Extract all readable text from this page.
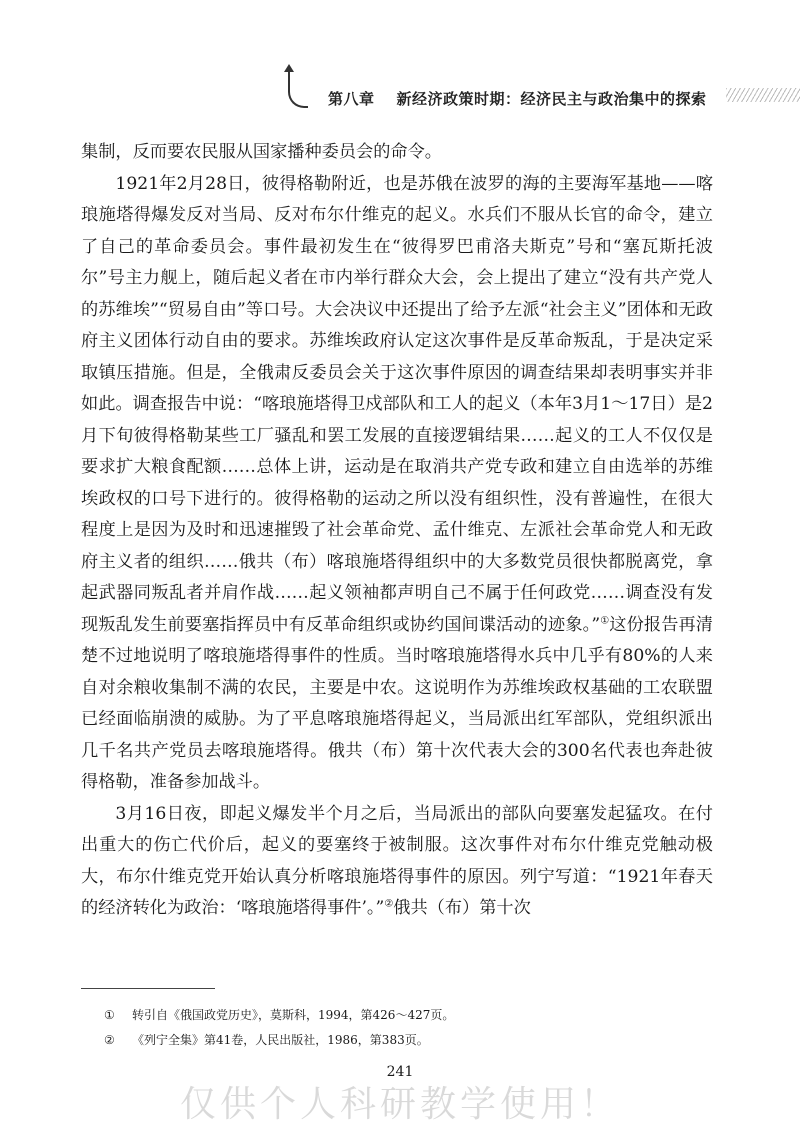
第八章 新经济政策时期：经济民主与政治集中的探索

集制，反而要农民服从国家播种委员会的命令。

1921年2月28日，彼得格勒附近，也是苏俄在波罗的海的主要海军基地——喀琅施塔得爆发反对当局、反对布尔什维克的起义。水兵们不服从长官的命令，建立了自己的革命委员会。事件最初发生在“彼得罗巴甫洛夫斯克”号和“塞瓦斯托波尔”号主力舰上，随后起义者在市内举行群众大会，会上提出了建立“没有共产党人的苏维埃”“贸易自由”等口号。大会决议中还提出了给予左派“社会主义”团体和无政府主义团体行动自由的要求。苏维埃政府认定这次事件是反革命叛乱，于是决定采取镇压措施。但是，全俄肃反委员会关于这次事件原因的调查结果却表明事实并非如此。调查报告中说：“喀琅施塔得卫戍部队和工人的起义（本年3月1～17日）是2月下旬彼得格勒某些工厂骚乱和罢工发展的直接逻辑结果……起义的工人不仅仅是要求扩大粮食配额……总体上讲，运动是在取消共产党专政和建立自由选举的苏维埃政权的口号下进行的。彼得格勒的运动之所以没有组织性，没有普遍性，在很大程度上是因为及时和迅速摧毁了社会革命党、孟什维克、左派社会革命党人和无政府主义者的组织……俄共（布）喀琅施塔得组织中的大多数党员很快都脱离党，拿起武器同叛乱者并肩作战……起义领袖都声明自己不属于任何政党……调查没有发现叛乱发生前要塞指挥员中有反革命组织或协约国间谍活动的迹象。”①这份报告再清楚不过地说明了喀琅施塔得事件的性质。当时喀琅施塔得水兵中几乎有80%的人来自对余粮收集制不满的农民，主要是中农。这说明作为苏维埃政权基础的工农联盟已经面临崩溃的威胁。为了平息喀琅施塔得起义，当局派出红军部队，党组织派出几千名共产党员去喀琅施塔得。俄共（布）第十次代表大会的300名代表也奔赴彼得格勒，准备参加战斗。

3月16日夜，即起义爆发半个月之后，当局派出的部队向要塞发起猛攻。在付出重大的伤亡代价后，起义的要塞终于被制服。这次事件对布尔什维克党触动极大，布尔什维克党开始认真分析喀琅施塔得事件的原因。列宁写道：“1921年春天的经济转化为政治：‘喀琅施塔得事件’。”②俄共（布）第十次

① 转引自《俄国政党历史》，莫斯科，1994，第426～427页。
② 《列宁全集》第41卷，人民出版社，1986，第383页。
241
仅供个人科研教学使用！
